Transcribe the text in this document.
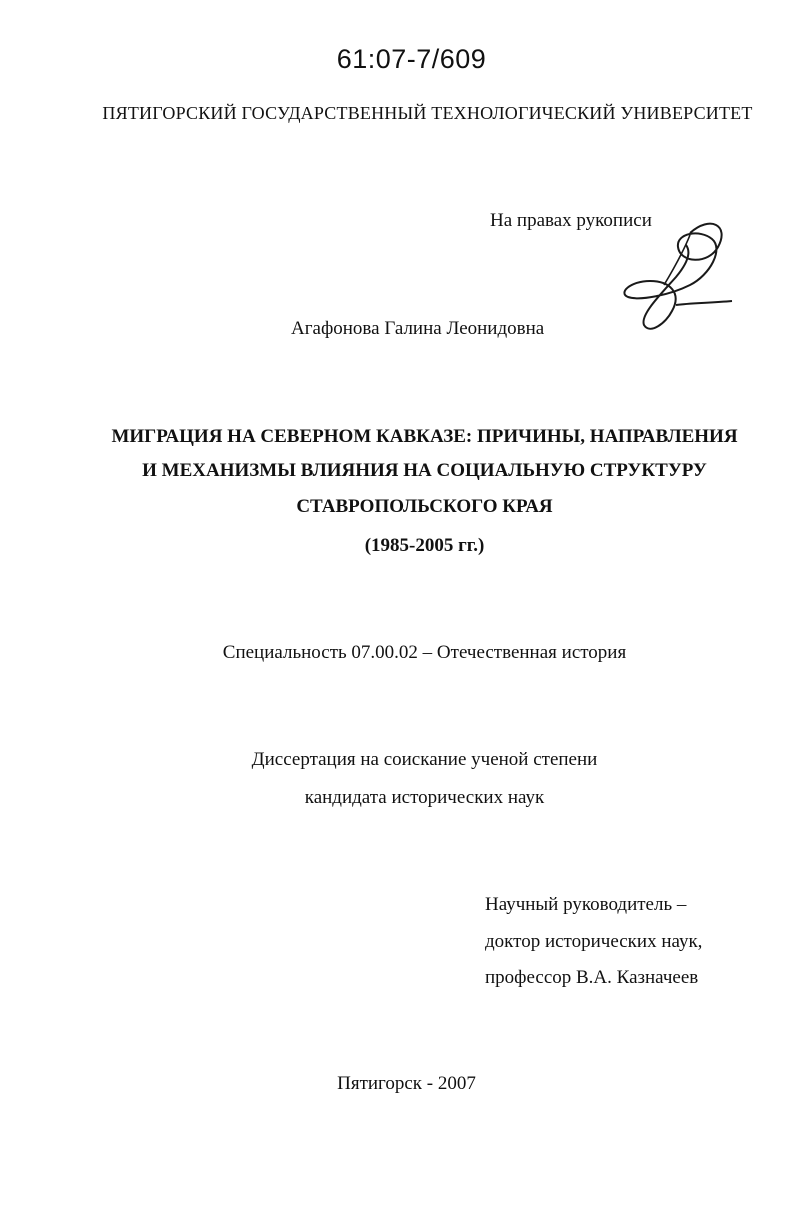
61:07-7/609
ПЯТИГОРСКИЙ ГОСУДАРСТВЕННЫЙ ТЕХНОЛОГИЧЕСКИЙ УНИВЕРСИТЕТ
На правах рукописи
Агафонова Галина Леонидовна
МИГРАЦИЯ НА СЕВЕРНОМ КАВКАЗЕ: ПРИЧИНЫ, НАПРАВЛЕНИЯ
И МЕХАНИЗМЫ ВЛИЯНИЯ НА СОЦИАЛЬНУЮ СТРУКТУРУ
СТАВРОПОЛЬСКОГО КРАЯ
(1985-2005 гг.)
Специальность 07.00.02 – Отечественная история
Диссертация на соискание ученой степени
кандидата исторических наук
Научный руководитель –
доктор исторических наук,
профессор В.А. Казначеев
Пятигорск - 2007
